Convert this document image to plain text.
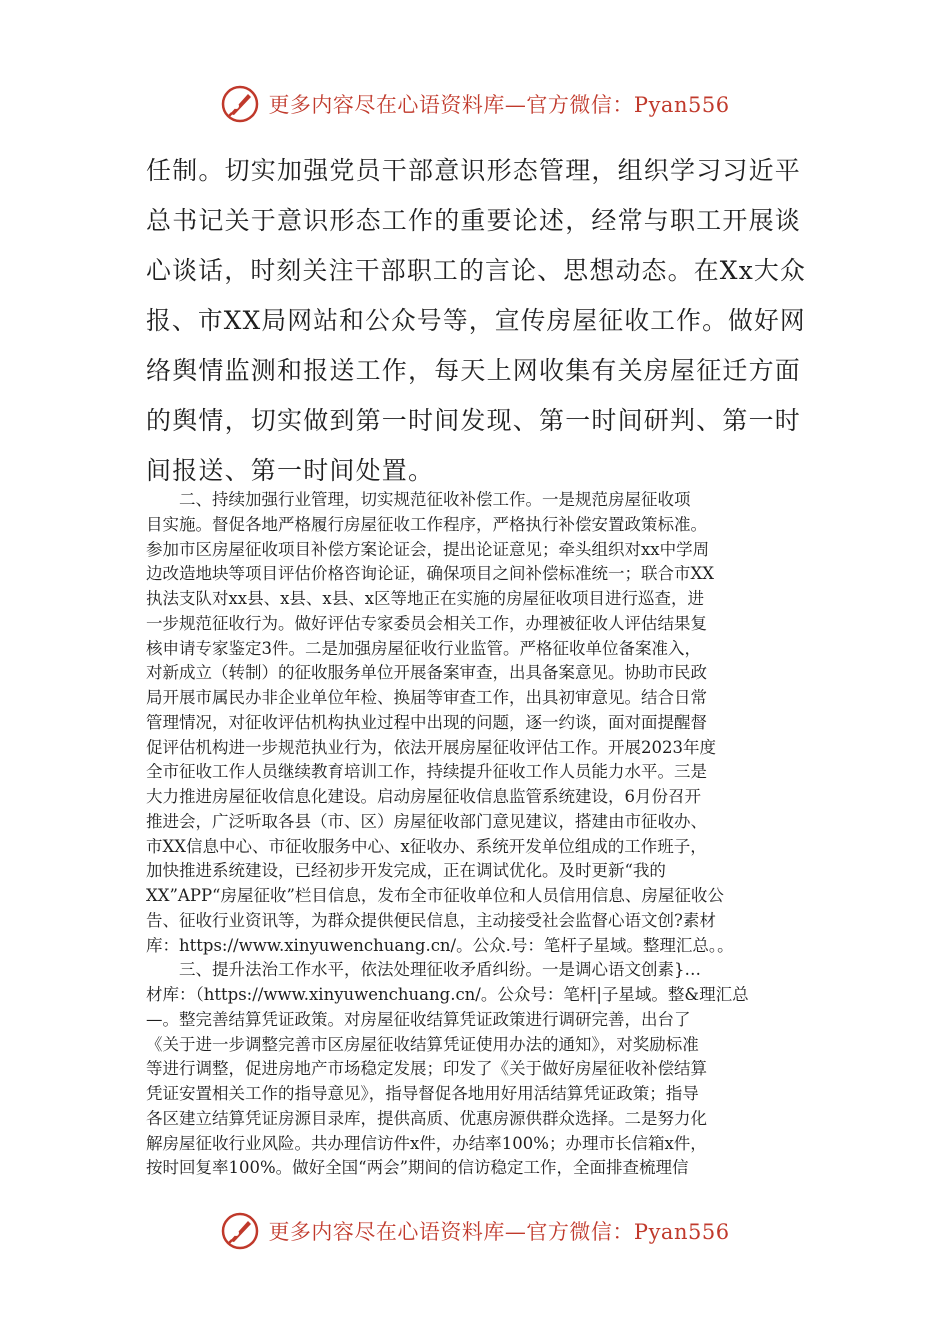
更多内容尽在心语资料库—官方微信：Pyan556

任制。切实加强党员干部意识形态管理，组织学习习近平

总书记关于意识形态工作的重要论述，经常与职工开展谈

心谈话，时刻关注干部职工的言论、思想动态。在Xx大众

报、市XX局网站和公众号等，宣传房屋征收工作。做好网

络舆情监测和报送工作，每天上网收集有关房屋征迁方面

的舆情，切实做到第一时间发现、第一时间研判、第一时

间报送、第一时间处置。

　　二、持续加强行业管理，切实规范征收补偿工作。一是规范房屋征收项

目实施。督促各地严格履行房屋征收工作程序，严格执行补偿安置政策标准。

参加市区房屋征收项目补偿方案论证会，提出论证意见；牵头组织对xx中学周

边改造地块等项目评估价格咨询论证，确保项目之间补偿标准统一；联合市XX

执法支队对xx县、x县、x县、x区等地正在实施的房屋征收项目进行巡查，进

一步规范征收行为。做好评估专家委员会相关工作，办理被征收人评估结果复

核申请专家鉴定3件。二是加强房屋征收行业监管。严格征收单位备案准入，

对新成立（转制）的征收服务单位开展备案审查，出具备案意见。协助市民政

局开展市属民办非企业单位年检、换届等审查工作，出具初审意见。结合日常

管理情况，对征收评估机构执业过程中出现的问题，逐一约谈，面对面提醒督

促评估机构进一步规范执业行为，依法开展房屋征收评估工作。开展2023年度

全市征收工作人员继续教育培训工作，持续提升征收工作人员能力水平。三是

大力推进房屋征收信息化建设。启动房屋征收信息监管系统建设，6月份召开

推进会，广泛听取各县（市、区）房屋征收部门意见建议，搭建由市征收办、

市XX信息中心、市征收服务中心、x征收办、系统开发单位组成的工作班子，

加快推进系统建设，已经初步开发完成，正在调试优化。及时更新“我的

XX”APP“房屋征收”栏目信息，发布全市征收单位和人员信用信息、房屋征收公

告、征收行业资讯等，为群众提供便民信息，主动接受社会监督心语文创?素材

库：https://www.xinyuwenchuang.cn/。公众.号：笔杆子星域。整理汇总。。

　　三、提升法治工作水平，依法处理征收矛盾纠纷。一是调心语文创素}…

材库：（https://www.xinyuwenchuang.cn/。公众号：笔杆|子星域。整&理汇总

—。整完善结算凭证政策。对房屋征收结算凭证政策进行调研完善，出台了

《关于进一步调整完善市区房屋征收结算凭证使用办法的通知》，对奖励标准

等进行调整，促进房地产市场稳定发展；印发了《关于做好房屋征收补偿结算

凭证安置相关工作的指导意见》，指导督促各地用好用活结算凭证政策；指导

各区建立结算凭证房源目录库，提供高质、优惠房源供群众选择。二是努力化

解房屋征收行业风险。共办理信访件x件，办结率100%；办理市长信箱x件，

按时回复率100%。做好全国“两会”期间的信访稳定工作，全面排查梳理信

更多内容尽在心语资料库—官方微信：Pyan556
